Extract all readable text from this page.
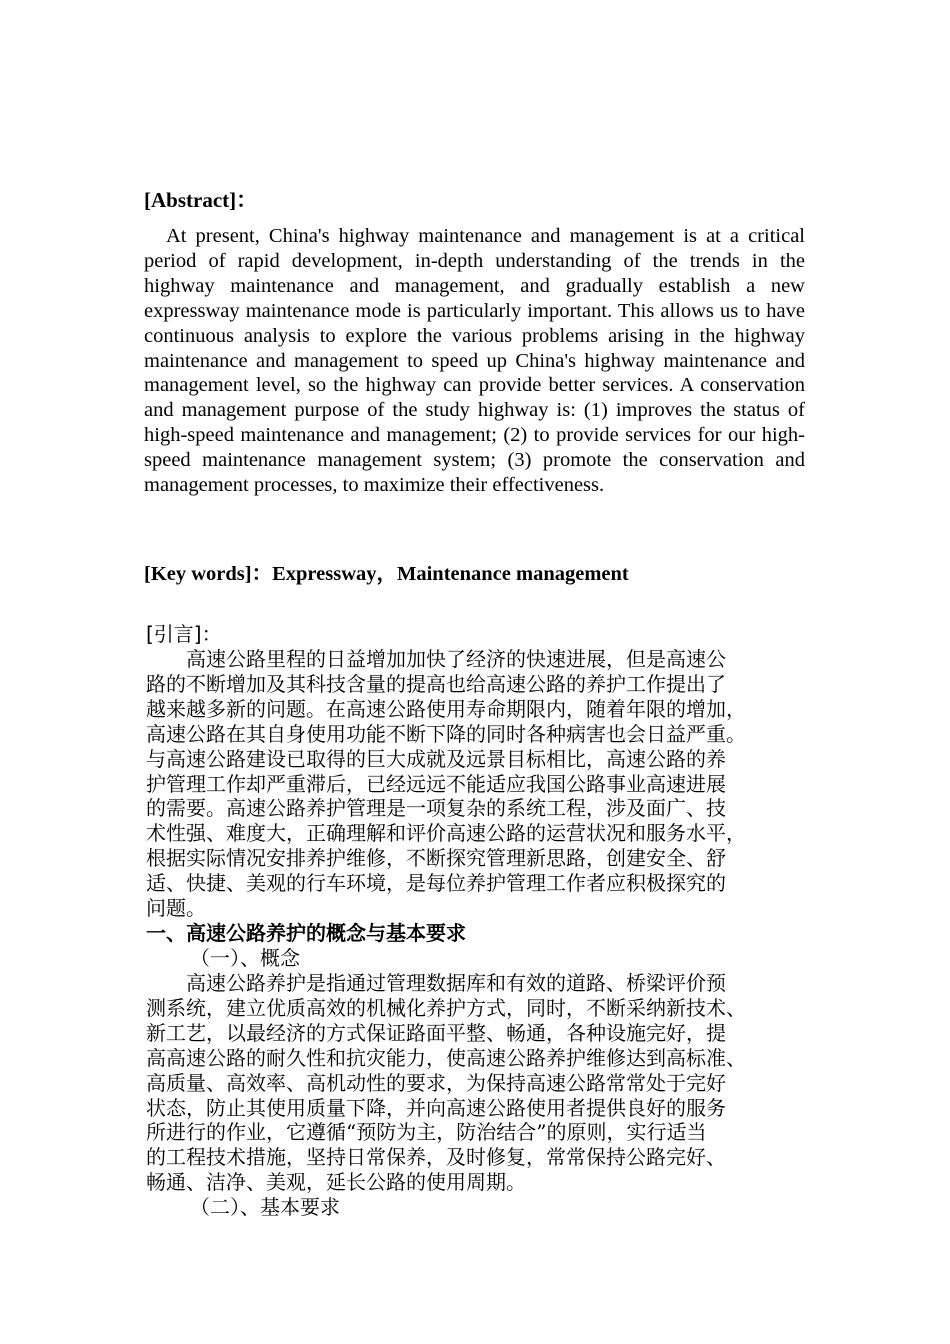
[Abstract]：

At present, China's highway maintenance and management is at a critical period of rapid development, in-depth understanding of the trends in the highway maintenance and management, and gradually establish a new expressway maintenance mode is particularly important. This allows us to have continuous analysis to explore the various problems arising in the highway maintenance and management to speed up China's highway maintenance and management level, so the highway can provide better services. A conservation and management purpose of the study highway is: (1) improves the status of high-speed maintenance and management; (2) to provide services for our high-speed maintenance management system; (3) promote the conservation and management processes, to maximize their effectiveness.

[Key words]：Expressway，Maintenance management

[引言]：

　　高速公路里程的日益增加加快了经济的快速进展，但是高速公
路的不断增加及其科技含量的提高也给高速公路的养护工作提出了
越来越多新的问题。在高速公路使用寿命期限内，随着年限的增加，
高速公路在其自身使用功能不断下降的同时各种病害也会日益严重。
与高速公路建设已取得的巨大成就及远景目标相比，高速公路的养
护管理工作却严重滞后，已经远远不能适应我国公路事业高速进展
的需要。高速公路养护管理是一项复杂的系统工程，涉及面广、技
术性强、难度大，正确理解和评价高速公路的运营状况和服务水平，
根据实际情况安排养护维修，不断探究管理新思路，创建安全、舒
适、快捷、美观的行车环境，是每位养护管理工作者应积极探究的
问题。

一、高速公路养护的概念与基本要求

（一）、概念

　　高速公路养护是指通过管理数据库和有效的道路、桥梁评价预
测系统，建立优质高效的机械化养护方式，同时，不断采纳新技术、
新工艺，以最经济的方式保证路面平整、畅通，各种设施完好，提
高高速公路的耐久性和抗灾能力，使高速公路养护维修达到高标准、
高质量、高效率、高机动性的要求，为保持高速公路常常处于完好
状态，防止其使用质量下降，并向高速公路使用者提供良好的服务
所进行的作业，它遵循“预防为主，防治结合”的原则，实行适当
的工程技术措施，坚持日常保养，及时修复，常常保持公路完好、
畅通、洁净、美观，延长公路的使用周期。

（二）、基本要求
